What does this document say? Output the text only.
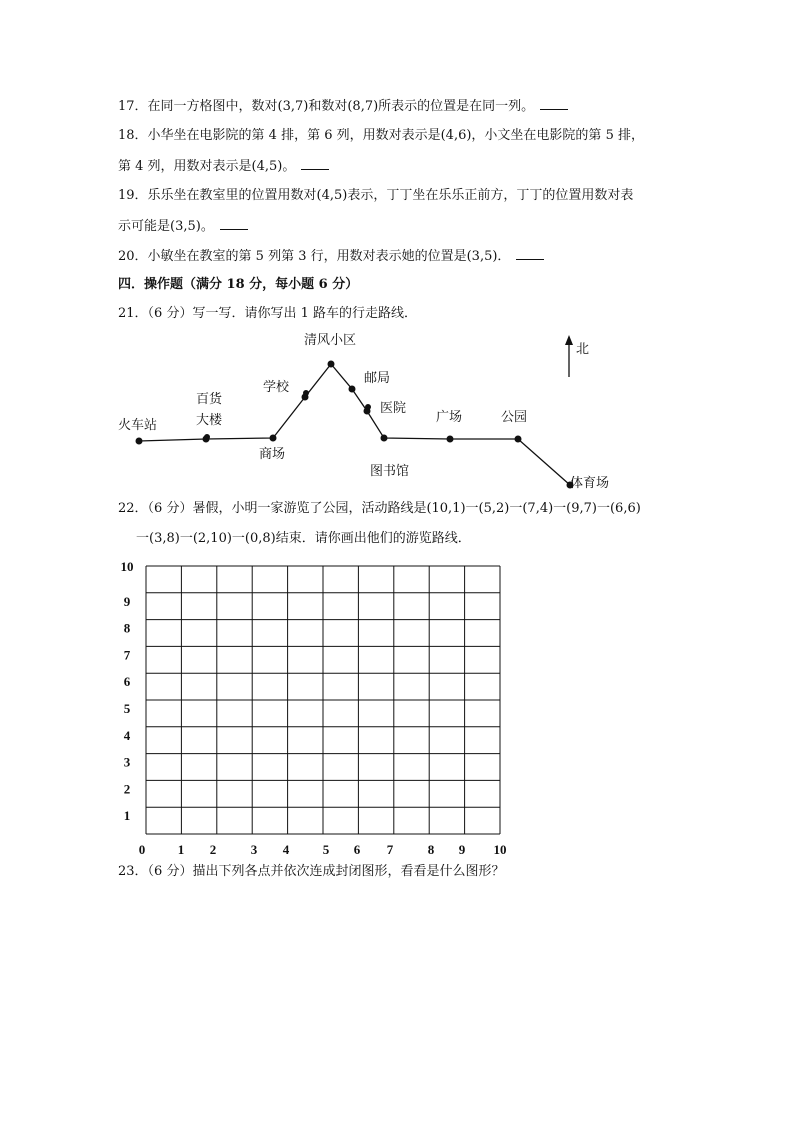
17．在同一方格图中，数对(3,7)和数对(8,7)所表示的位置是在同一列。
18．小华坐在电影院的第 4 排，第 6 列，用数对表示是(4,6)，小文坐在电影院的第 5 排，
第 4 列，用数对表示是(4,5)。
19．乐乐坐在教室里的位置用数对(4,5)表示，丁丁坐在乐乐正前方，丁丁的位置用数对表
示可能是(3,5)。
20．小敏坐在教室的第 5 列第 3 行，用数对表示她的位置是(3,5)．
四．操作题（满分 18 分，每小题 6 分）
21．（6 分）写一写．请你写出 1 路车的行走路线．
北
火车站
百货
大楼
商场
学校
清风小区
邮局
医院
图书馆
广场	公园
体育场
22．（6 分）暑假，小明一家游览了公园，活动路线是(10,1)一(5,2)一(7,4)一(9,7)一(6,6)
一(3,8)一(2,10)一(0,8)结束．请你画出他们的游览路线．
0	1 2	3 4	5 6 7	8 9 10
1
2
3
4
5
6
7
8
9
10
23．（6 分）描出下列各点并依次连成封闭图形，看看是什么图形？
